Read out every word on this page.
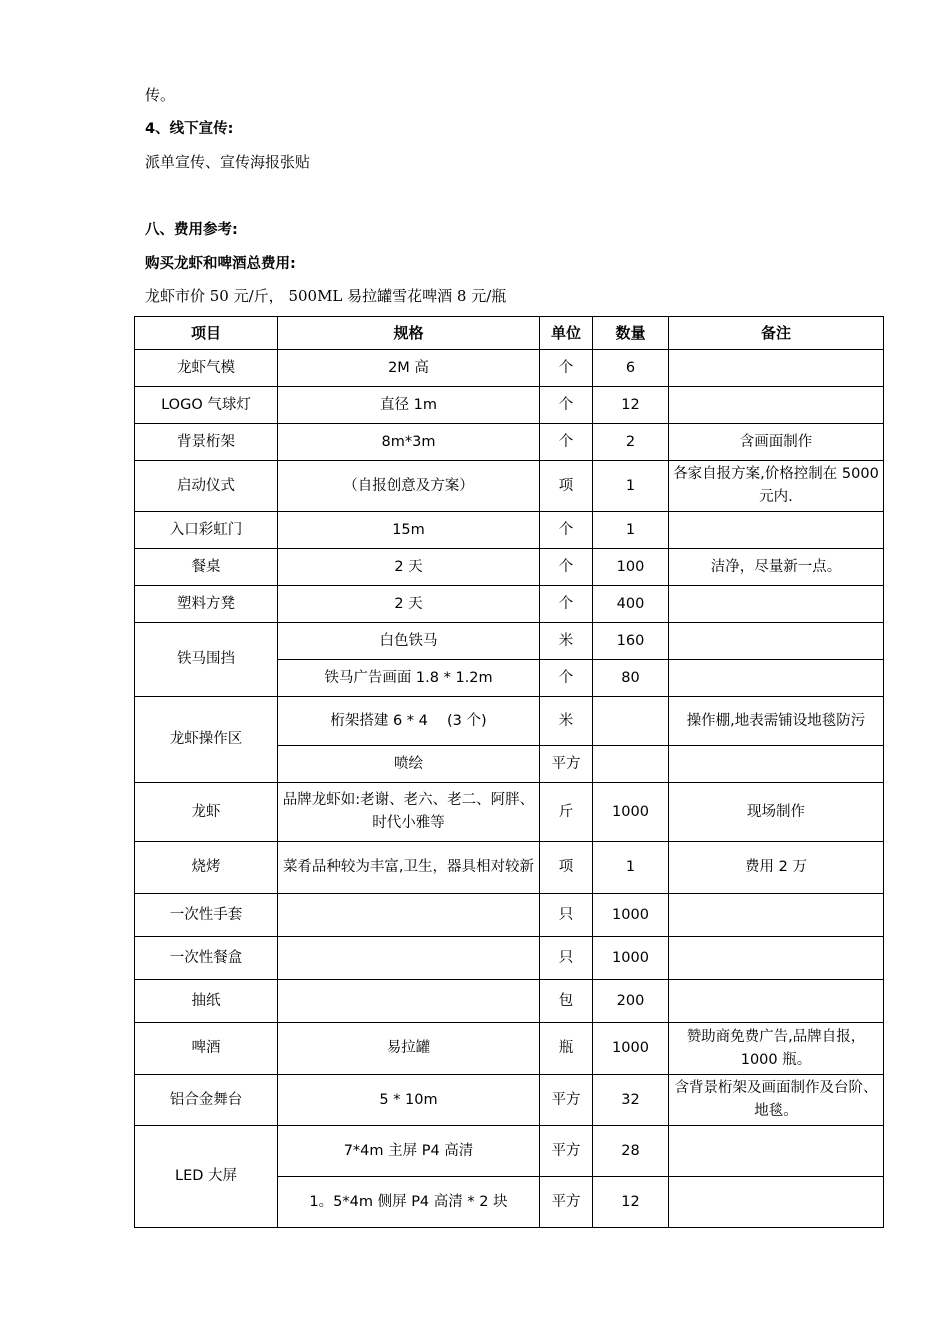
传。
4、线下宣传:
派单宣传、宣传海报张贴
八、费用参考:
购买龙虾和啤酒总费用:
龙虾市价 50 元/斤， 500ML 易拉罐雪花啤酒 8 元/瓶
项目	规格	单位	数量	备注
龙虾气模	2M 高	个	6	
LOGO 气球灯	直径 1m	个	12	
背景桁架	8m*3m	个	2	含画面制作
启动仪式	（自报创意及方案）	项	1	各家自报方案,价格控制在 5000 元内.
入口彩虹门	15m	个	1	
餐桌	2 天	个	100	洁净，尽量新一点。
塑料方凳	2 天	个	400	
铁马围挡	白色铁马	米	160	
	铁马广告画面 1.8 * 1.2m	个	80	
龙虾操作区	桁架搭建 6 * 4　 (3 个)	米		操作棚,地表需铺设地毯防污
	喷绘	平方		
龙虾	品牌龙虾如:老谢、老六、老二、阿胖、时代小雅等	斤	1000	现场制作
烧烤	菜肴品种较为丰富,卫生，器具相对较新	项	1	费用 2 万
一次性手套		只	1000	
一次性餐盒		只	1000	
抽纸		包	200	
啤酒	易拉罐	瓶	1000	赞助商免费广告,品牌自报，1000 瓶。
铝合金舞台	5 * 10m	平方	32	含背景桁架及画面制作及台阶、地毯。
LED 大屏	7*4m 主屏 P4 高清	平方	28	
	1。5*4m 侧屏 P4 高清 * 2 块	平方	12	
